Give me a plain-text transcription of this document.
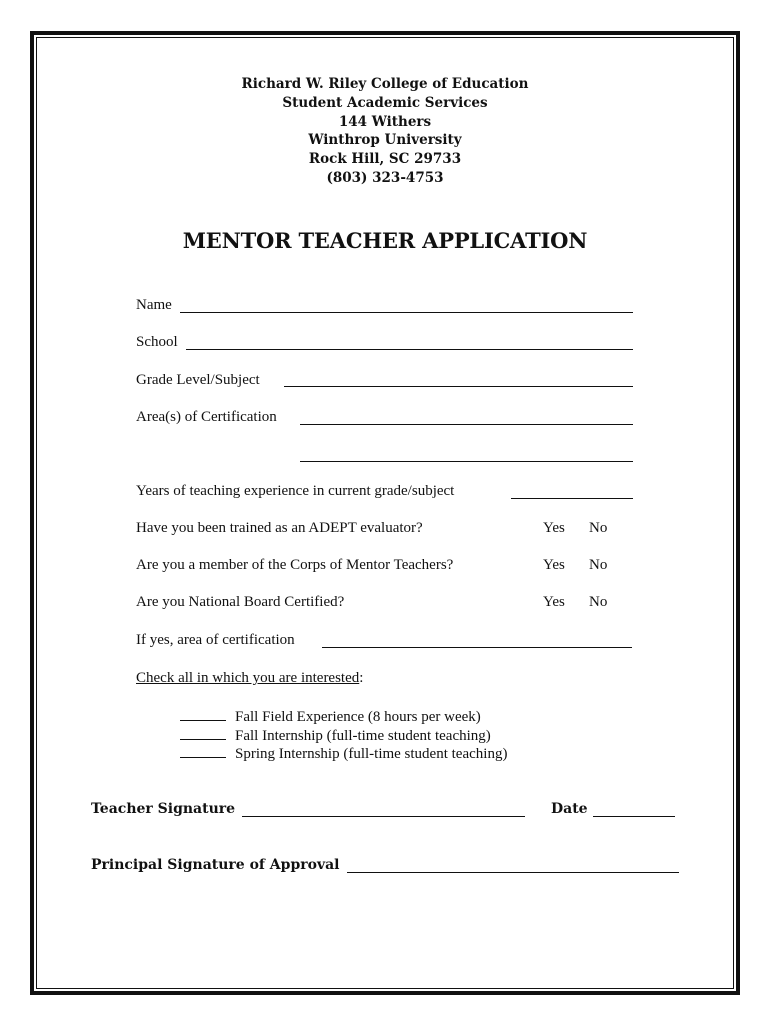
Richard W. Riley College of Education
Student Academic Services
144 Withers
Winthrop University
Rock Hill, SC 29733
(803) 323-4753
MENTOR TEACHER APPLICATION
Name
School
Grade Level/Subject
Area(s) of Certification
Years of teaching experience in current grade/subject
Have you been trained as an ADEPT evaluator?	Yes No
Are you a member of the Corps of Mentor Teachers?	Yes No
Are you National Board Certified?	Yes No
If yes, area of certification
Check all in which you are interested:
Fall Field Experience (8 hours per week)
Fall Internship (full-time student teaching)
Spring Internship (full-time student teaching)
Teacher Signature	Date
Principal Signature of Approval
